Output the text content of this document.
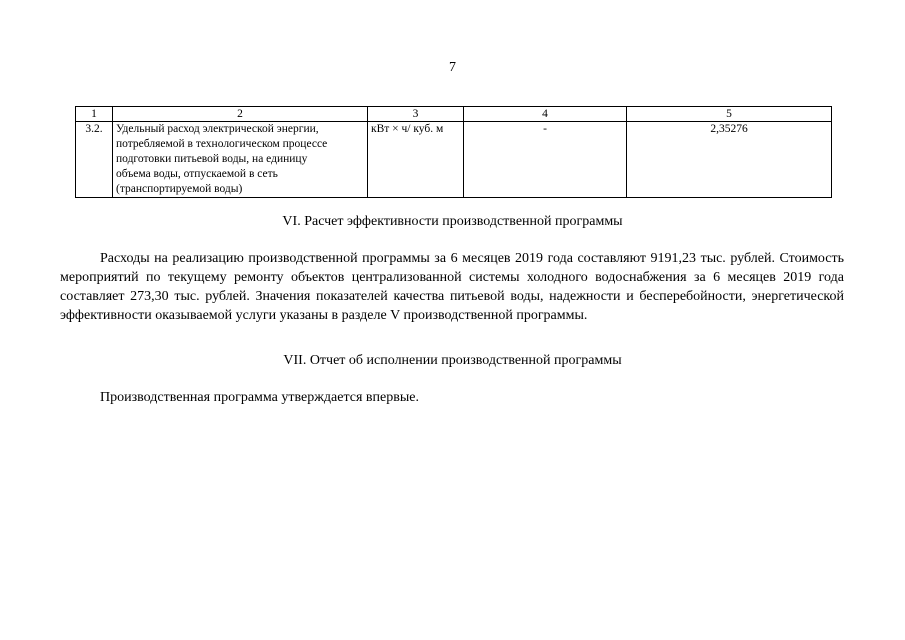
7
1	2	3	4	5
3.2.	Удельный расход электрической энергии,
потребляемой в технологическом процессе
подготовки питьевой воды, на единицу
объема воды, отпускаемой в сеть
(транспортируемой воды)	кВт × ч/ куб. м	-	2,35276
VI. Расчет эффективности производственной программы
Расходы на реализацию производственной программы за 6 месяцев 2019 года составляют 9191,23 тыс. рублей. Стоимость мероприятий по текущему ремонту объектов централизованной системы холодного водоснабжения за 6 месяцев 2019 года составляет 273,30 тыс. рублей. Значения показателей качества питьевой воды, надежности и бесперебойности, энергетической эффективности оказываемой услуги указаны в разделе V производственной программы.
VII. Отчет об исполнении производственной программы
Производственная программа утверждается впервые.
